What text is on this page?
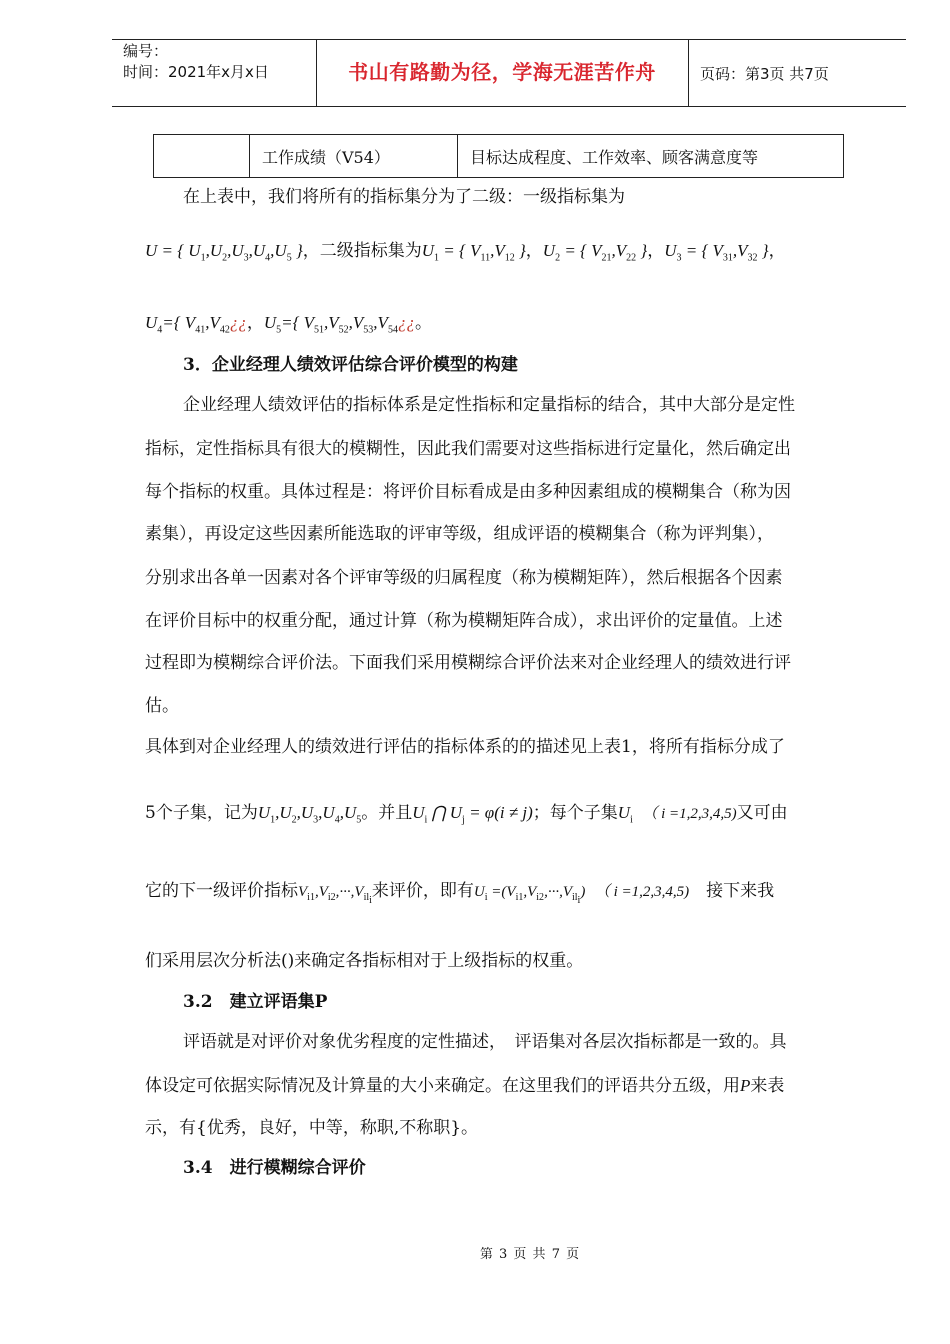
编号：
时间：2021年x月x日	书山有路勤为径，学海无涯苦作舟	页码：第3页 共7页
	工作成绩（V54）	目标达成程度、工作效率、顾客满意度等
在上表中，我们将所有的指标集分为了二级：一级指标集为
U = { $U_1,U_2,U_3,U_4,U_5$ }，二级指标集为$U_1$ = { $V_{11},V_{12}$ }，$U_2$ = { $V_{21},V_{22}$ }，$U_3$ = { $V_{31},V_{32}$ }，
$U_4=${ $V_{41},V_{42}¿¿$，$U_5=${ $V_{51},V_{52},V_{53},V_{54}¿¿$。
3．企业经理人绩效评估综合评价模型的构建
企业经理人绩效评估的指标体系是定性指标和定量指标的结合，其中大部分是定性
指标，定性指标具有很大的模糊性，因此我们需要对这些指标进行定量化，然后确定出
每个指标的权重。具体过程是：将评价目标看成是由多种因素组成的模糊集合（称为因
素集），再设定这些因素所能选取的评审等级，组成评语的模糊集合（称为评判集），
分别求出各单一因素对各个评审等级的归属程度（称为模糊矩阵），然后根据各个因素
在评价目标中的权重分配，通过计算（称为模糊矩阵合成），求出评价的定量值。上述
过程即为模糊综合评价法。下面我们采用模糊综合评价法来对企业经理人的绩效进行评
估。
具体到对企业经理人的绩效进行评估的指标体系的的描述见上表1，将所有指标分成了
5个子集，记为$U_1,U_2,U_3,U_4,U_5$。并且$U_i$ ⋂ $U_j = \varphi(i \ne j)$；每个子集$U_i$　 （ i =1,2,3,4,5)又可由
它的下一级评价指标$V_{i1},V_{i2},\cdot\cdot\cdot,V_{il_i}$来评价，即有$U_i =(V_{i1},V_{i2},\cdot\cdot\cdot,V_{il_i})$　 （ i =1,2,3,4,5)　 接下来我
们采用层次分析法()来确定各指标相对于上级指标的权重。
3.2　建立评语集P
评语就是对评价对象优劣程度的定性描述，　评语集对各层次指标都是一致的。具
体设定可依据实际情况及计算量的大小来确定。在这里我们的评语共分五级，用P来表
示，有{优秀，良好，中等，称职,不称职}。
3.4　进行模糊综合评价
第 3 页 共 7 页
